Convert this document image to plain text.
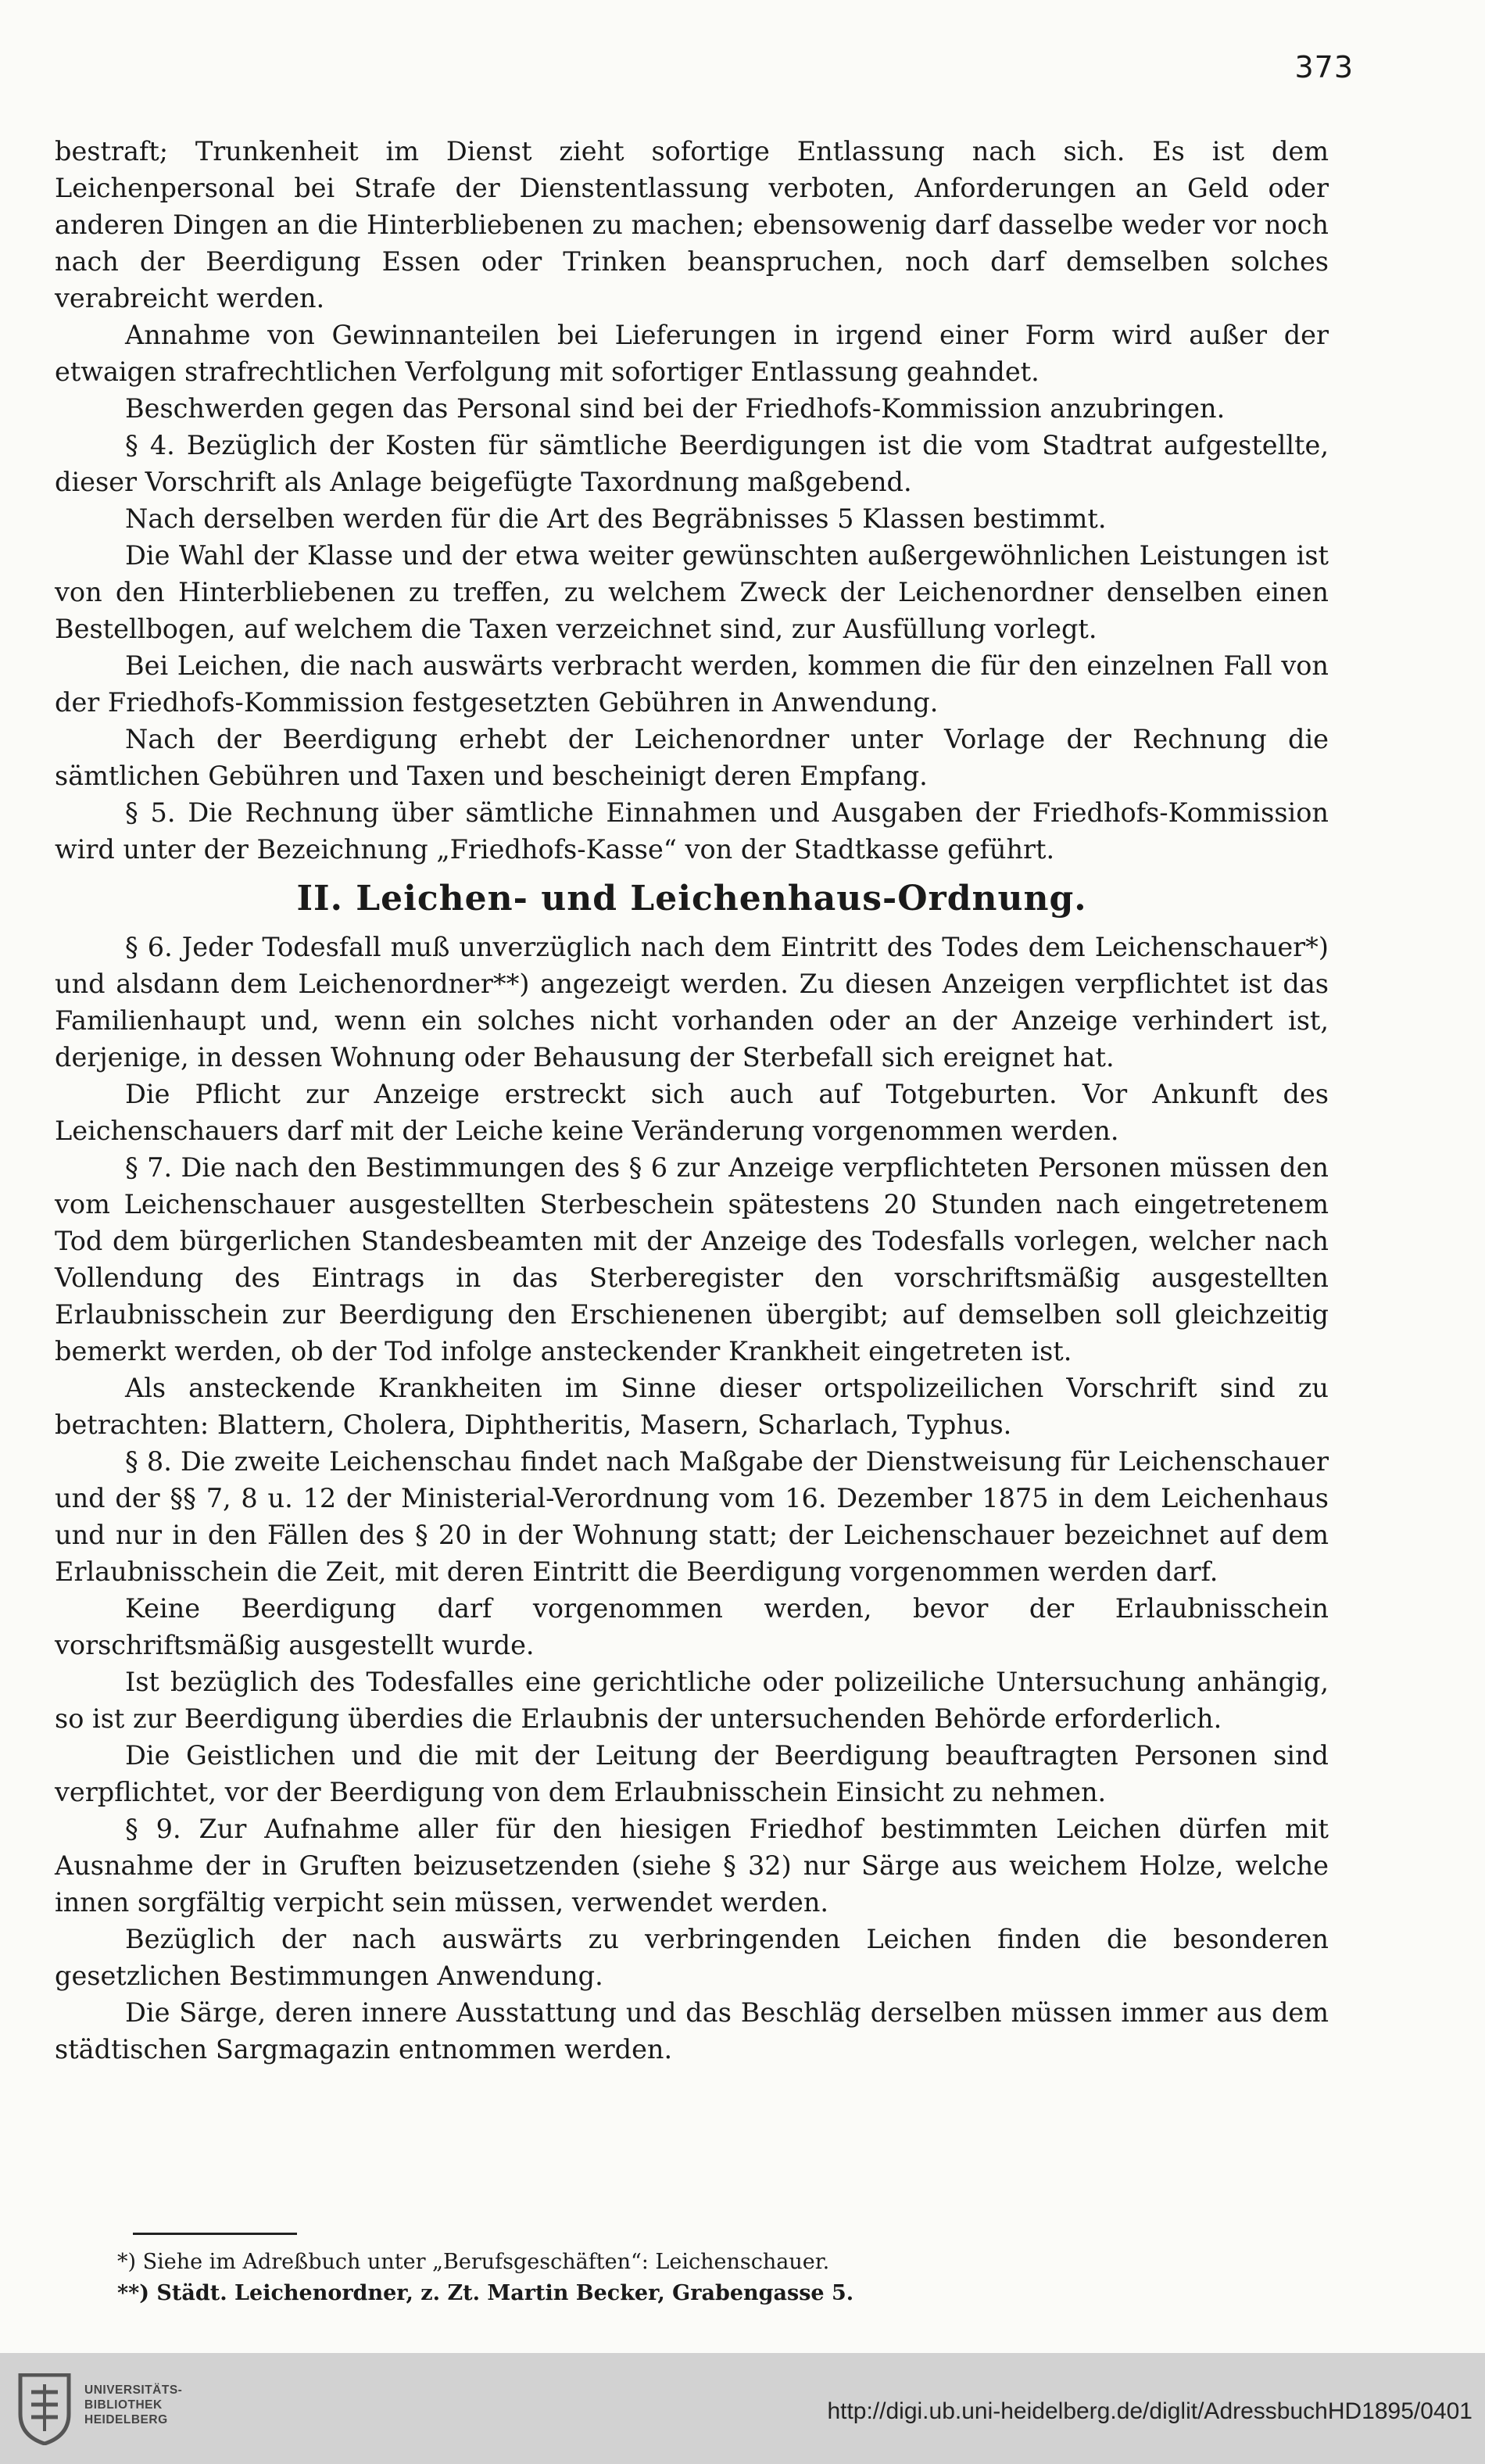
373

bestraft; Trunkenheit im Dienst zieht sofortige Entlassung nach sich. Es ist dem Leichenpersonal bei Strafe der Dienstentlassung verboten, Anforderungen an Geld oder anderen Dingen an die Hinterbliebenen zu machen; ebensowenig darf dasselbe weder vor noch nach der Beerdigung Essen oder Trinken beanspruchen, noch darf demselben solches verabreicht werden.

Annahme von Gewinnanteilen bei Lieferungen in irgend einer Form wird außer der etwaigen strafrechtlichen Verfolgung mit sofortiger Entlassung geahndet.

Beschwerden gegen das Personal sind bei der Friedhofs-Kommission anzubringen.

§ 4. Bezüglich der Kosten für sämtliche Beerdigungen ist die vom Stadtrat aufgestellte, dieser Vorschrift als Anlage beigefügte Taxordnung maßgebend.

Nach derselben werden für die Art des Begräbnisses 5 Klassen bestimmt.

Die Wahl der Klasse und der etwa weiter gewünschten außergewöhnlichen Leistungen ist von den Hinterbliebenen zu treffen, zu welchem Zweck der Leichenordner denselben einen Bestellbogen, auf welchem die Taxen verzeichnet sind, zur Ausfüllung vorlegt.

Bei Leichen, die nach auswärts verbracht werden, kommen die für den einzelnen Fall von der Friedhofs-Kommission festgesetzten Gebühren in Anwendung.

Nach der Beerdigung erhebt der Leichenordner unter Vorlage der Rechnung die sämtlichen Gebühren und Taxen und bescheinigt deren Empfang.

§ 5. Die Rechnung über sämtliche Einnahmen und Ausgaben der Friedhofs-Kommission wird unter der Bezeichnung „Friedhofs-Kasse“ von der Stadtkasse geführt.

II. Leichen- und Leichenhaus-Ordnung.

§ 6. Jeder Todesfall muß unverzüglich nach dem Eintritt des Todes dem Leichenschauer*) und alsdann dem Leichenordner**) angezeigt werden. Zu diesen Anzeigen verpflichtet ist das Familienhaupt und, wenn ein solches nicht vorhanden oder an der Anzeige verhindert ist, derjenige, in dessen Wohnung oder Behausung der Sterbefall sich ereignet hat.

Die Pflicht zur Anzeige erstreckt sich auch auf Totgeburten. Vor Ankunft des Leichenschauers darf mit der Leiche keine Veränderung vorgenommen werden.

§ 7. Die nach den Bestimmungen des § 6 zur Anzeige verpflichteten Personen müssen den vom Leichenschauer ausgestellten Sterbeschein spätestens 20 Stunden nach eingetretenem Tod dem bürgerlichen Standesbeamten mit der Anzeige des Todesfalls vorlegen, welcher nach Vollendung des Eintrags in das Sterberegister den vorschriftsmäßig ausgestellten Erlaubnisschein zur Beerdigung den Erschienenen übergibt; auf demselben soll gleichzeitig bemerkt werden, ob der Tod infolge ansteckender Krankheit eingetreten ist.

Als ansteckende Krankheiten im Sinne dieser ortspolizeilichen Vorschrift sind zu betrachten: Blattern, Cholera, Diphtheritis, Masern, Scharlach, Typhus.

§ 8. Die zweite Leichenschau findet nach Maßgabe der Dienstweisung für Leichenschauer und der §§ 7, 8 u. 12 der Ministerial-Verordnung vom 16. Dezember 1875 in dem Leichenhaus und nur in den Fällen des § 20 in der Wohnung statt; der Leichenschauer bezeichnet auf dem Erlaubnisschein die Zeit, mit deren Eintritt die Beerdigung vorgenommen werden darf.

Keine Beerdigung darf vorgenommen werden, bevor der Erlaubnisschein vorschriftsmäßig ausgestellt wurde.

Ist bezüglich des Todesfalles eine gerichtliche oder polizeiliche Untersuchung anhängig, so ist zur Beerdigung überdies die Erlaubnis der untersuchenden Behörde erforderlich.

Die Geistlichen und die mit der Leitung der Beerdigung beauftragten Personen sind verpflichtet, vor der Beerdigung von dem Erlaubnisschein Einsicht zu nehmen.

§ 9. Zur Aufnahme aller für den hiesigen Friedhof bestimmten Leichen dürfen mit Ausnahme der in Gruften beizusetzenden (siehe § 32) nur Särge aus weichem Holze, welche innen sorgfältig verpicht sein müssen, verwendet werden.

Bezüglich der nach auswärts zu verbringenden Leichen finden die besonderen gesetzlichen Bestimmungen Anwendung.

Die Särge, deren innere Ausstattung und das Beschläg derselben müssen immer aus dem städtischen Sargmagazin entnommen werden.

*) Siehe im Adreßbuch unter „Berufsgeschäften“: Leichenschauer.

**) Städt. Leichenordner, z. Zt. Martin Becker, Grabengasse 5.

UNIVERSITÄTS-
BIBLIOTHEK
HEIDELBERG	http://digi.ub.uni-heidelberg.de/diglit/AdressbuchHD1895/0401
